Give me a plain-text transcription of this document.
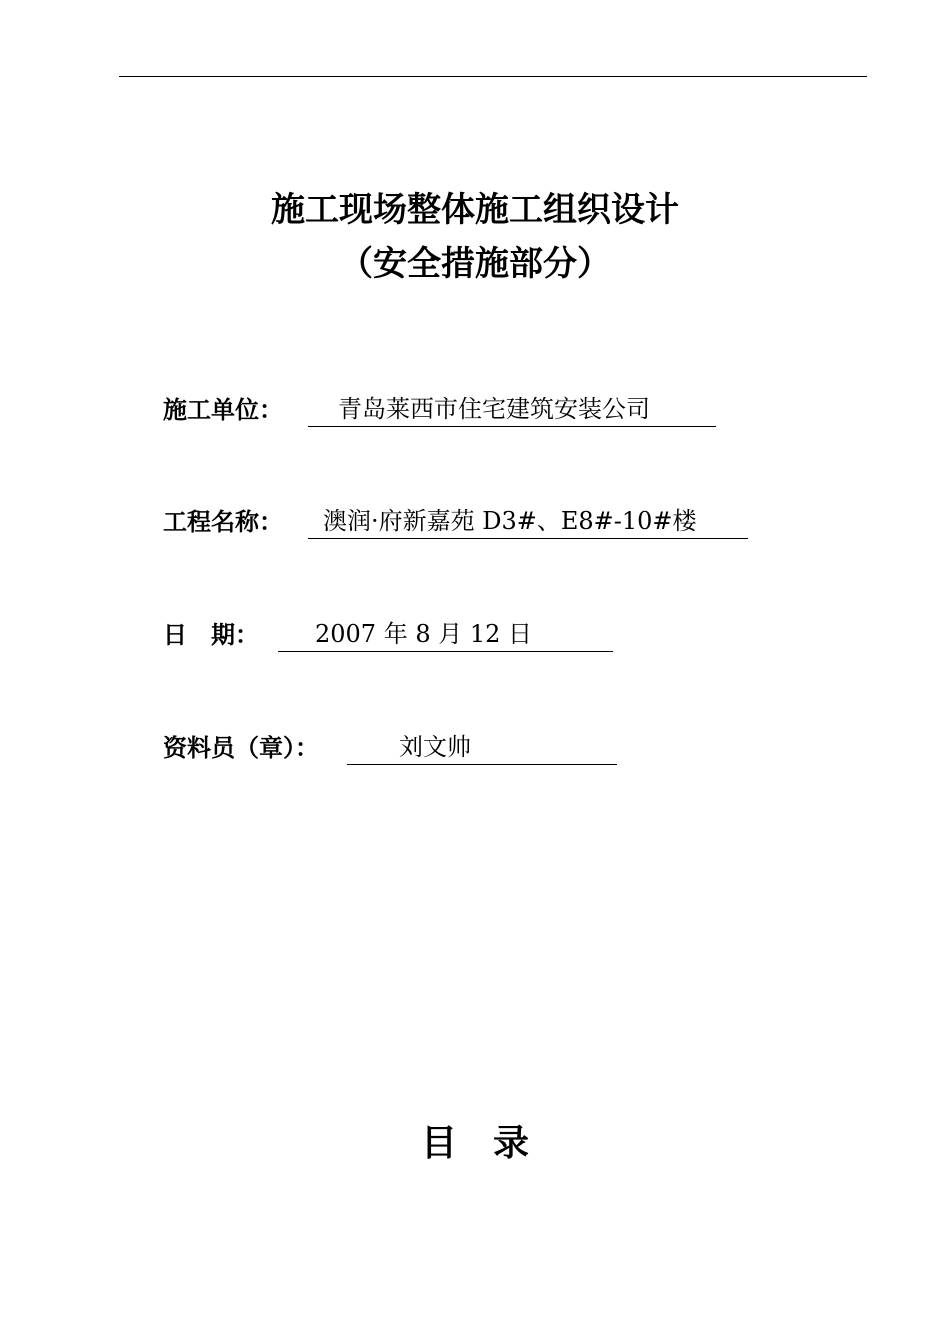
施工现场整体施工组织设计
（安全措施部分）
施工单位：	青岛莱西市住宅建筑安装公司
工程名称：	澳润·府新嘉苑 D3#、E8#-10#楼
日　期：	2007 年 8 月 12 日
资料员（章）：	刘文帅
目　录
